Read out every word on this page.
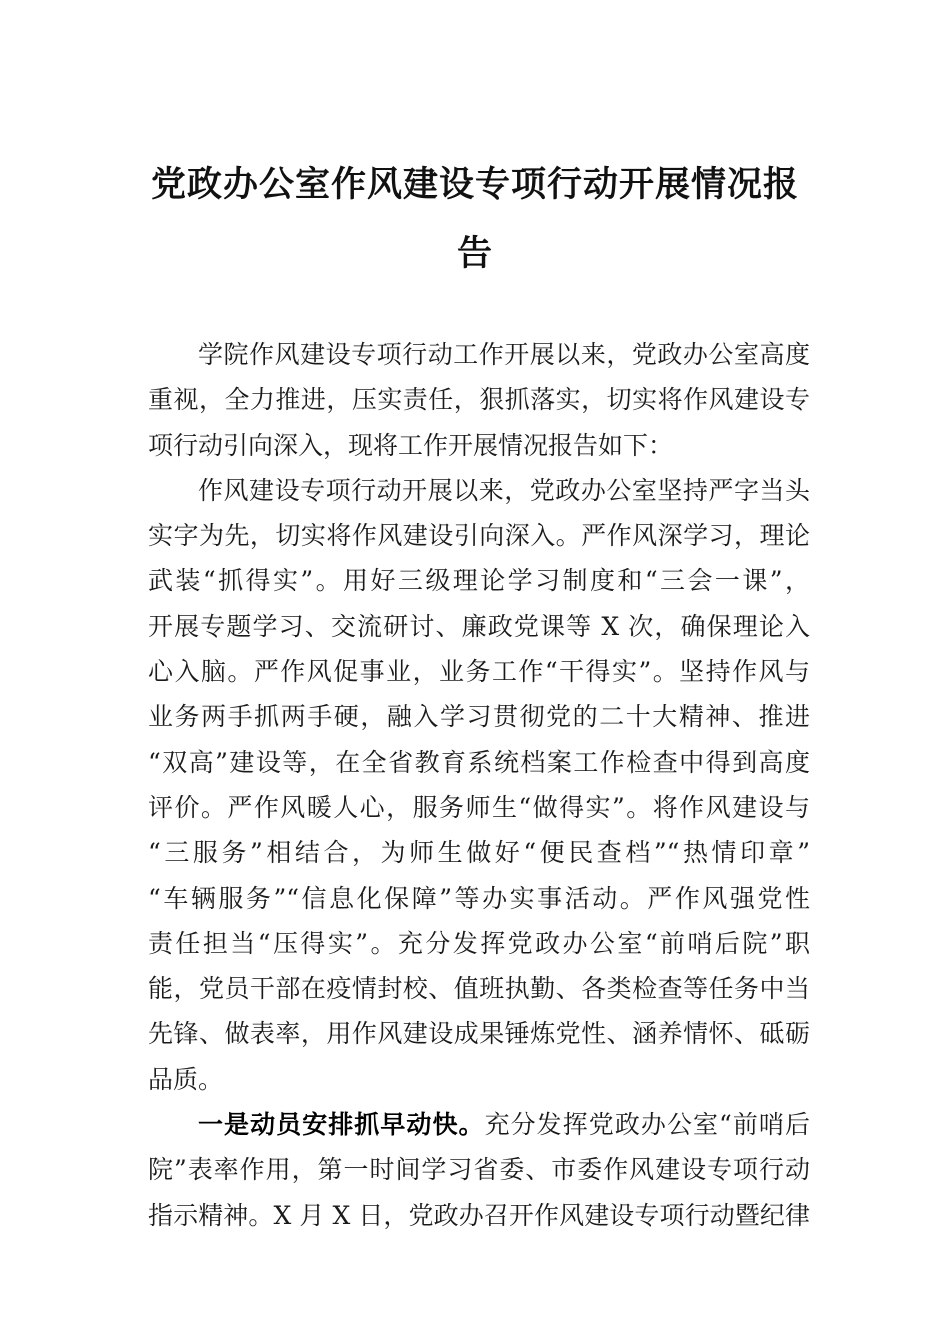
党政办公室作风建设专项行动开展情况报
告
学院作风建设专项行动工作开展以来，党政办公室高度
重视，全力推进，压实责任，狠抓落实，切实将作风建设专
项行动引向深入，现将工作开展情况报告如下：
作风建设专项行动开展以来，党政办公室坚持严字当头
实字为先，切实将作风建设引向深入。严作风深学习，理论
武装“抓得实”。用好三级理论学习制度和“三会一课”，
开展专题学习、交流研讨、廉政党课等 X 次，确保理论入
心入脑。严作风促事业，业务工作“干得实”。坚持作风与
业务两手抓两手硬，融入学习贯彻党的二十大精神、推进
“双高”建设等，在全省教育系统档案工作检查中得到高度
评价。严作风暖人心，服务师生“做得实”。将作风建设与
“三服务”相结合，为师生做好“便民查档”“热情印章”
“车辆服务”“信息化保障”等办实事活动。严作风强党性
责任担当“压得实”。充分发挥党政办公室“前哨后院”职
能，党员干部在疫情封校、值班执勤、各类检查等任务中当
先锋、做表率，用作风建设成果锤炼党性、涵养情怀、砥砺
品质。
一是动员安排抓早动快。充分发挥党政办公室“前哨后
院”表率作用，第一时间学习省委、市委作风建设专项行动
指示精神。X 月 X 日，党政办召开作风建设专项行动暨纪律
